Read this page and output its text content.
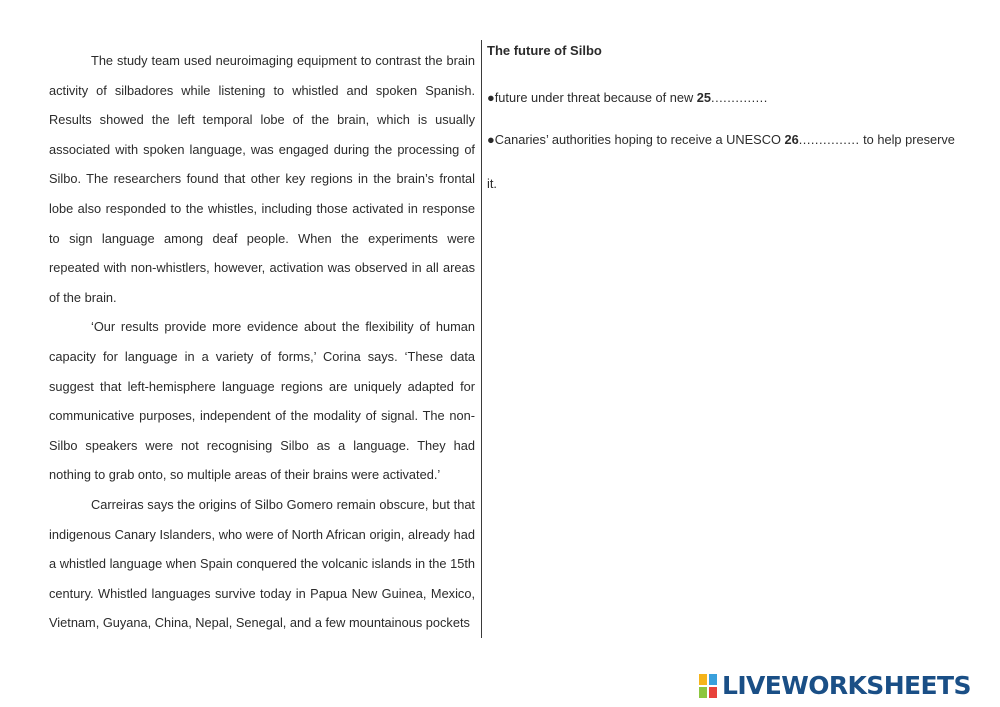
The study team used neuroimaging equipment to contrast the brain activity of silbadores while listening to whistled and spoken Spanish. Results showed the left temporal lobe of the brain, which is usually associated with spoken language, was engaged during the processing of Silbo. The researchers found that other key regions in the brain’s frontal lobe also responded to the whistles, including those activated in response to sign language among deaf people. When the experiments were repeated with non-whistlers, however, activation was observed in all areas of the brain.

‘Our results provide more evidence about the flexibility of human capacity for language in a variety of forms,’ Corina says. ‘These data suggest that left-hemisphere language regions are uniquely adapted for communicative purposes, independent of the modality of signal. The non-Silbo speakers were not recognising Silbo as a language. They had nothing to grab onto, so multiple areas of their brains were activated.’

Carreiras says the origins of Silbo Gomero remain obscure, but that indigenous Canary Islanders, who were of North African origin, already had a whistled language when Spain conquered the volcanic islands in the 15th century. Whistled languages survive today in Papua New Guinea, Mexico, Vietnam, Guyana, China, Nepal, Senegal, and a few mountainous pockets

The future of Silbo
●future under threat because of new 25..............
●Canaries’ authorities hoping to receive a UNESCO 26............... to help preserve
it.
LIVEWORKSHEETS
